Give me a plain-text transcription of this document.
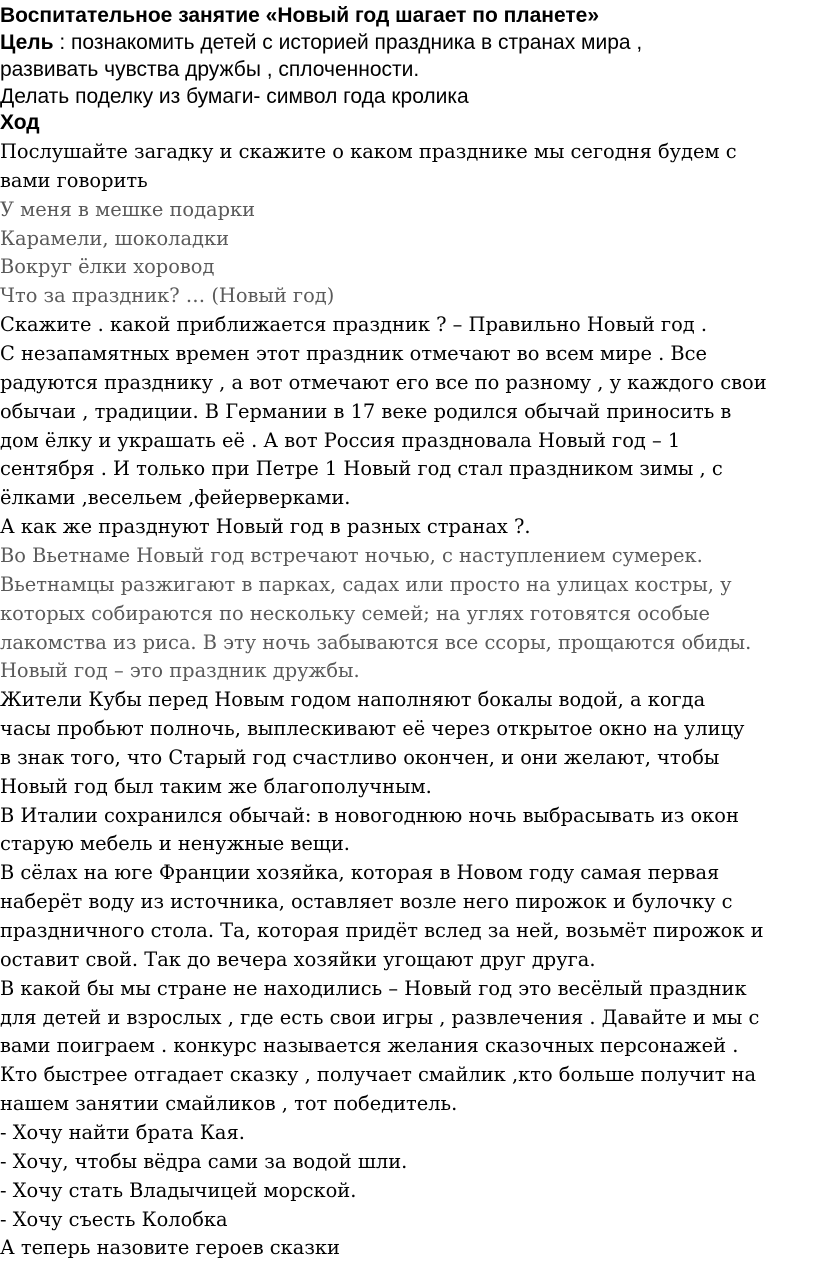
Воспитательное занятие «Новый год шагает по планете»
Цель : познакомить детей с историей праздника в странах мира ,
развивать чувства дружбы , сплоченности.
Делать поделку из бумаги- символ года кролика
Ход
Послушайте загадку и скажите о каком празднике мы сегодня будем с
вами говорить
У меня в мешке подарки
Карамели, шоколадки
Вокруг ёлки хоровод
Что за праздник? … (Новый год)
Скажите . какой приближается праздник ? – Правильно Новый год .
С незапамятных времен этот праздник отмечают во всем мире . Все
радуются празднику , а вот отмечают его все по разному , у каждого свои
обычаи , традиции. В Германии в 17 веке родился обычай приносить в
дом ёлку и украшать её . А вот Россия праздновала Новый год – 1
сентября . И только при Петре 1 Новый год стал праздником зимы , с
ёлками ,весельем ,фейерверками.
А как же празднуют Новый год в разных странах ?.
Во Вьетнаме Новый год встречают ночью, с наступлением сумерек.
Вьетнамцы разжигают в парках, садах или просто на улицах костры, у
которых собираются по нескольку семей; на углях готовятся особые
лакомства из риса. В эту ночь забываются все ссоры, прощаются обиды.
Новый год – это праздник дружбы.
Жители Кубы перед Новым годом наполняют бокалы водой, а когда
часы пробьют полночь, выплескивают её через открытое окно на улицу
в знак того, что Старый год счастливо окончен, и они желают, чтобы
Новый год был таким же благополучным.
В Италии сохранился обычай: в новогоднюю ночь выбрасывать из окон
старую мебель и ненужные вещи.
В сёлах на юге Франции хозяйка, которая в Новом году самая первая
наберёт воду из источника, оставляет возле него пирожок и булочку с
праздничного стола. Та, которая придёт вслед за ней, возьмёт пирожок и
оставит свой. Так до вечера хозяйки угощают друг друга.
В какой бы мы стране не находились – Новый год это весёлый праздник
для детей и взрослых , где есть свои игры , развлечения . Давайте и мы с
вами поиграем . конкурс называется желания сказочных персонажей .
Кто быстрее отгадает сказку , получает смайлик ,кто больше получит на
нашем занятии смайликов , тот победитель.
- Хочу найти брата Кая.
- Хочу, чтобы вёдра сами за водой шли.
- Хочу стать Владычицей морской.
- Хочу съесть Колобка
А теперь назовите героев сказки
